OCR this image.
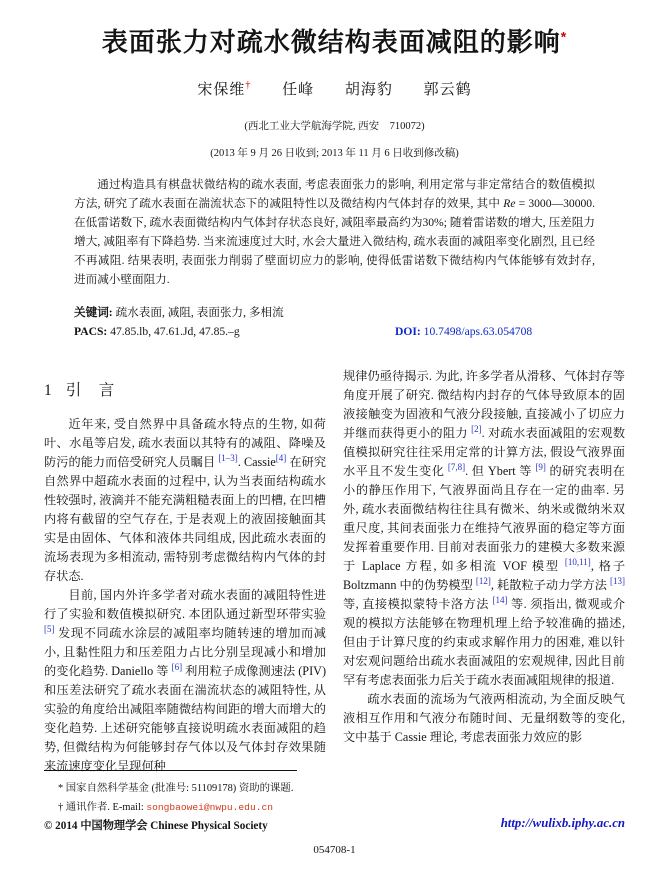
表面张力对疏水微结构表面减阻的影响*
宋保维† 任峰 胡海豹 郭云鹤
(西北工业大学航海学院, 西安　710072)
(2013 年 9 月 26 日收到; 2013 年 11 月 6 日收到修改稿)

通过构造具有棋盘状微结构的疏水表面, 考虑表面张力的影响, 利用定常与非定常结合的数值模拟方法, 研究了疏水表面在湍流状态下的减阻特性以及微结构内气体封存的效果, 其中 Re = 3000—30000. 在低雷诺数下, 疏水表面微结构内气体封存状态良好, 减阻率最高约为30%; 随着雷诺数的增大, 压差阻力增大, 减阻率有下降趋势. 当来流速度过大时, 水会大量进入微结构, 疏水表面的减阻率变化剧烈, 且已经不再减阻. 结果表明, 表面张力削弱了壁面切应力的影响, 使得低雷诺数下微结构内气体能够有效封存, 进而减小壁面阻力.

关键词: 疏水表面, 减阻, 表面张力, 多相流
PACS: 47.85.lb, 47.61.Jd, 47.85.–g	DOI: 10.7498/aps.63.054708
1 引　言

近年来, 受自然界中具备疏水特点的生物, 如荷叶、水黾等启发, 疏水表面以其特有的减阻、降噪及防污的能力而倍受研究人员瞩目 [1–3]. Cassie[4] 在研究自然界中超疏水表面的过程中, 认为当表面结构疏水性较强时, 液滴并不能充满粗糙表面上的凹槽, 在凹槽内将有截留的空气存在, 于是表观上的液固接触面其实是由固体、气体和液体共同组成, 因此疏水表面的流场表现为多相流动, 需特别考虑微结构内气体的封存状态.

目前, 国内外许多学者对疏水表面的减阻特性进行了实验和数值模拟研究. 本团队通过新型环带实验 [5] 发现不同疏水涂层的减阻率均随转速的增加而减小, 且黏性阻力和压差阻力占比分别呈现减小和增加的变化趋势. Daniello 等 [6] 利用粒子成像测速法 (PIV) 和压差法研究了疏水表面在湍流状态的减阻特性, 从实验的角度给出减阻率随微结构间距的增大而增大的变化趋势. 上述研究能够直接说明疏水表面减阻的趋势, 但微结构为何能够封存气体以及气体封存效果随来流速度变化呈现何种

规律仍亟待揭示. 为此, 许多学者从滑移、气体封存等角度开展了研究. 微结构内封存的气体导致原本的固液接触变为固液和气液分段接触, 直接减小了切应力并继而获得更小的阻力 [2]. 对疏水表面减阻的宏观数值模拟研究往往采用定常的计算方法, 假设气液界面水平且不发生变化 [7,8]. 但 Ybert 等 [9] 的研究表明在小的静压作用下, 气液界面尚且存在一定的曲率. 另外, 疏水表面微结构往往具有微米、纳米或微纳米双重尺度, 其间表面张力在维持气液界面的稳定等方面发挥着重要作用. 目前对表面张力的建模大多数来源于 Laplace 方程, 如多相流 VOF 模型 [10,11], 格子 Boltzmann 中的伪势模型 [12], 耗散粒子动力学方法 [13] 等, 直接模拟蒙特卡洛方法 [14] 等. 须指出, 微观或介观的模拟方法能够在物理机理上给予较准确的描述, 但由于计算尺度的约束或求解作用力的困难, 难以针对宏观问题给出疏水表面减阻的宏观规律, 因此目前罕有考虑表面张力后关于疏水表面减阻规律的报道.

疏水表面的流场为气液两相流动, 为全面反映气液相互作用和气液分布随时间、无量纲数等的变化, 文中基于 Cassie 理论, 考虑表面张力效应的影

* 国家自然科学基金 (批准号: 51109178) 资助的课题.
† 通讯作者. E-mail: songbaowei@nwpu.edu.cn
© 2014 中国物理学会 Chinese Physical Society	http://wulixb.iphy.ac.cn
054708-1
